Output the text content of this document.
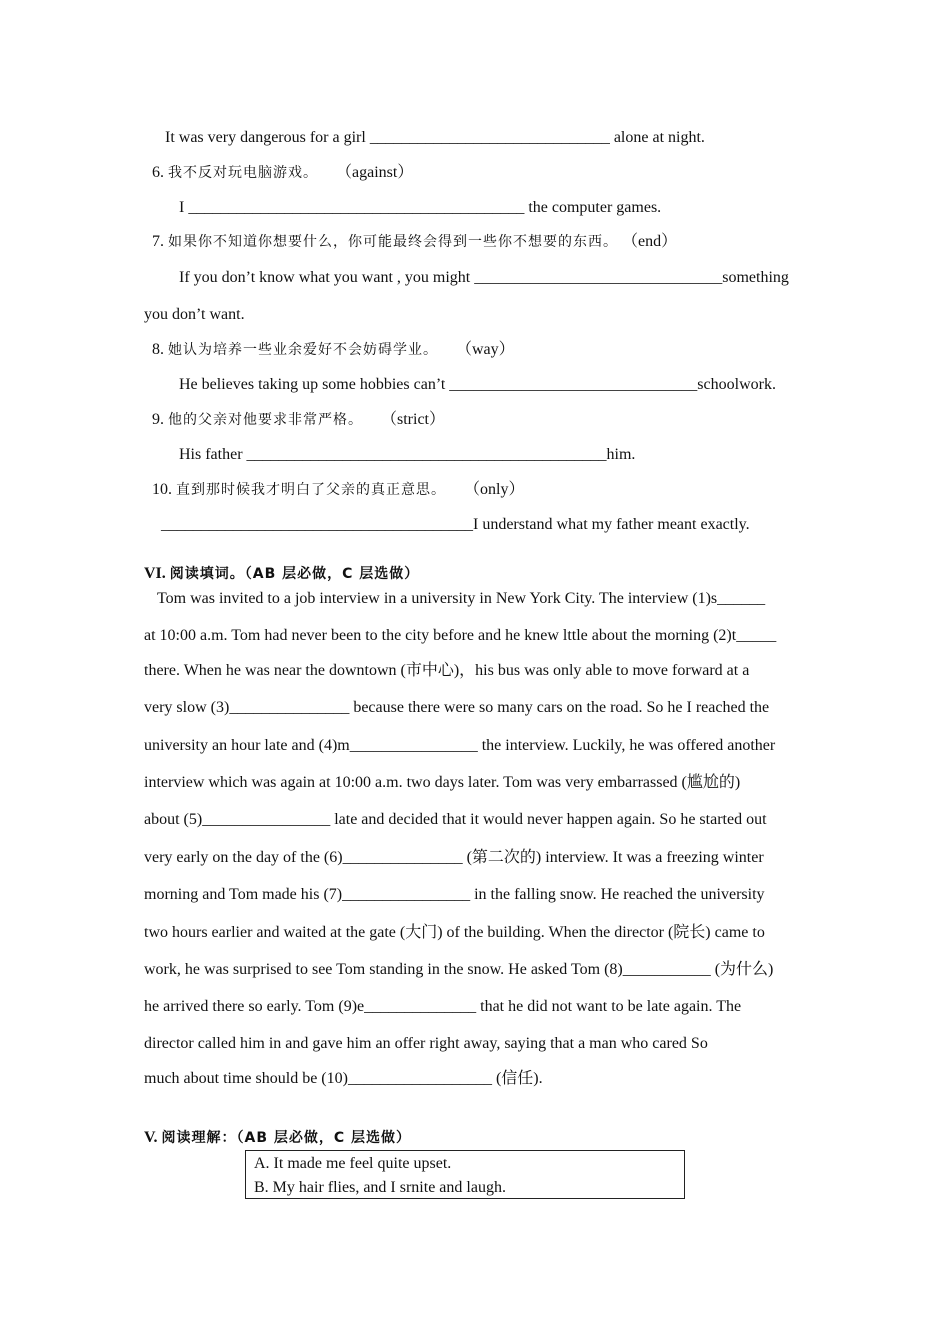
It was very dangerous for a girl ______________________________ alone at night.
6. 我不反对玩电脑游戏。 （against）
I __________________________________________ the computer games.
7. 如果你不知道你想要什么，你可能最终会得到一些你不想要的东西。 （end）
If you don’t know what you want , you might _______________________________something
you don’t want.
8. 她认为培养一些业余爱好不会妨碍学业。 （way）
He believes taking up some hobbies can’t _______________________________schoolwork.
9. 他的父亲对他要求非常严格。 （strict）
His father _____________________________________________him.
10. 直到那时候我才明白了父亲的真正意思。 （only）
_______________________________________I understand what my father meant exactly.
VI. 阅读填词。（AB 层必做，C 层选做）
Tom was invited to a job interview in a university in New York City. The interview (1)s______
at 10:00 a.m. Tom had never been to the city before and he knew lttle about the morning (2)t_____
there. When he was near the downtown (市中心)，his bus was only able to move forward at a
very slow (3)_______________ because there were so many cars on the road. So he I reached the
university an hour late and (4)m________________ the interview. Luckily, he was offered another
interview which was again at 10:00 a.m. two days later. Tom was very embarrassed (尴尬的)
about (5)________________ late and decided that it would never happen again. So he started out
very early on the day of the (6)_______________ (第二次的) interview. It was a freezing winter
morning and Tom made his (7)________________ in the falling snow. He reached the university
two hours earlier and waited at the gate (大门) of the building. When the director (院长) came to
work, he was surprised to see Tom standing in the snow. He asked Tom (8)___________ (为什么)
he arrived there so early. Tom (9)e______________ that he did not want to be late again. The
director called him in and gave him an offer right away, saying that a man who cared So
much about time should be (10)__________________ (信任).
V. 阅读理解：（AB 层必做，C 层选做）
A. It made me feel quite upset.
B. My hair flies, and I srnite and laugh.
